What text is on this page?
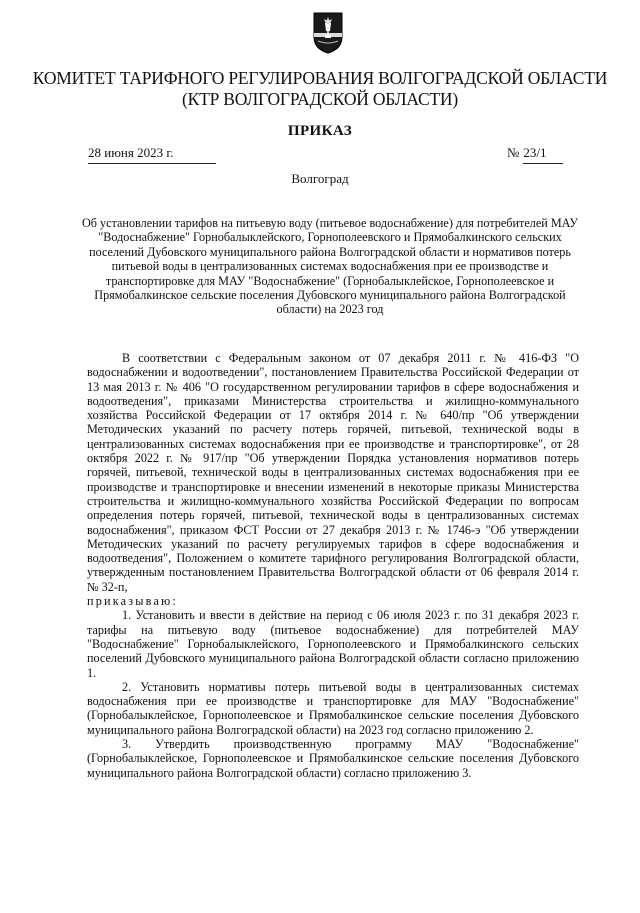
КОМИТЕТ ТАРИФНОГО РЕГУЛИРОВАНИЯ ВОЛГОГРАДСКОЙ ОБЛАСТИ
(КТР ВОЛГОГРАДСКОЙ ОБЛАСТИ)
ПРИКАЗ
28 июня 2023 г.	№ 23/1
Волгоград
Об установлении тарифов на питьевую воду (питьевое водоснабжение) для потребителей МАУ "Водоснабжение" Горнобалыклейского, Горнополеевского и Прямобалкинского сельских поселений Дубовского муниципального района Волгоградской области и нормативов потерь питьевой воды в централизованных системах водоснабжения при ее производстве и транспортировке для МАУ "Водоснабжение" (Горнобалыклейское, Горнополеевское и Прямобалкинское сельские поселения Дубовского муниципального района Волгоградской области) на 2023 год

В соответствии с Федеральным законом от 07 декабря 2011 г. № 416-ФЗ "О водоснабжении и водоотведении", постановлением Правительства Российской Федерации от 13 мая 2013 г. № 406 "О государственном регулировании тарифов в сфере водоснабжения и водоотведения", приказами Министерства строительства и жилищно-коммунального хозяйства Российской Федерации от 17 октября 2014 г. № 640/пр "Об утверждении Методических указаний по расчету потерь горячей, питьевой, технической воды в централизованных системах водоснабжения при ее производстве и транспортировке", от 28 октября 2022 г. № 917/пр "Об утверждении Порядка установления нормативов потерь горячей, питьевой, технической воды в централизованных системах водоснабжения при ее производстве и транспортировке и внесении изменений в некоторые приказы Министерства строительства и жилищно-коммунального хозяйства Российской Федерации по вопросам определения потерь горячей, питьевой, технической воды в централизованных системах водоснабжения", приказом ФСТ России от 27 декабря 2013 г. № 1746-э "Об утверждении Методических указаний по расчету регулируемых тарифов в сфере водоснабжения и водоотведения", Положением о комитете тарифного регулирования Волгоградской области, утвержденным постановлением Правительства Волгоградской области от 06 февраля 2014 г. № 32-п,

приказываю:

1. Установить и ввести в действие на период с 06 июля 2023 г. по 31 декабря 2023 г. тарифы на питьевую воду (питьевое водоснабжение) для потребителей МАУ "Водоснабжение" Горнобалыклейского, Горнополеевского и Прямобалкинского сельских поселений Дубовского муниципального района Волгоградской области согласно приложению 1.

2. Установить нормативы потерь питьевой воды в централизованных системах водоснабжения при ее производстве и транспортировке для МАУ "Водоснабжение" (Горнобалыклейское, Горнополеевское и Прямобалкинское сельские поселения Дубовского муниципального района Волгоградской области) на 2023 год согласно приложению 2.

3. Утвердить производственную программу МАУ "Водоснабжение" (Горнобалыклейское, Горнополеевское и Прямобалкинское сельские поселения Дубовского муниципального района Волгоградской области) согласно приложению 3.
